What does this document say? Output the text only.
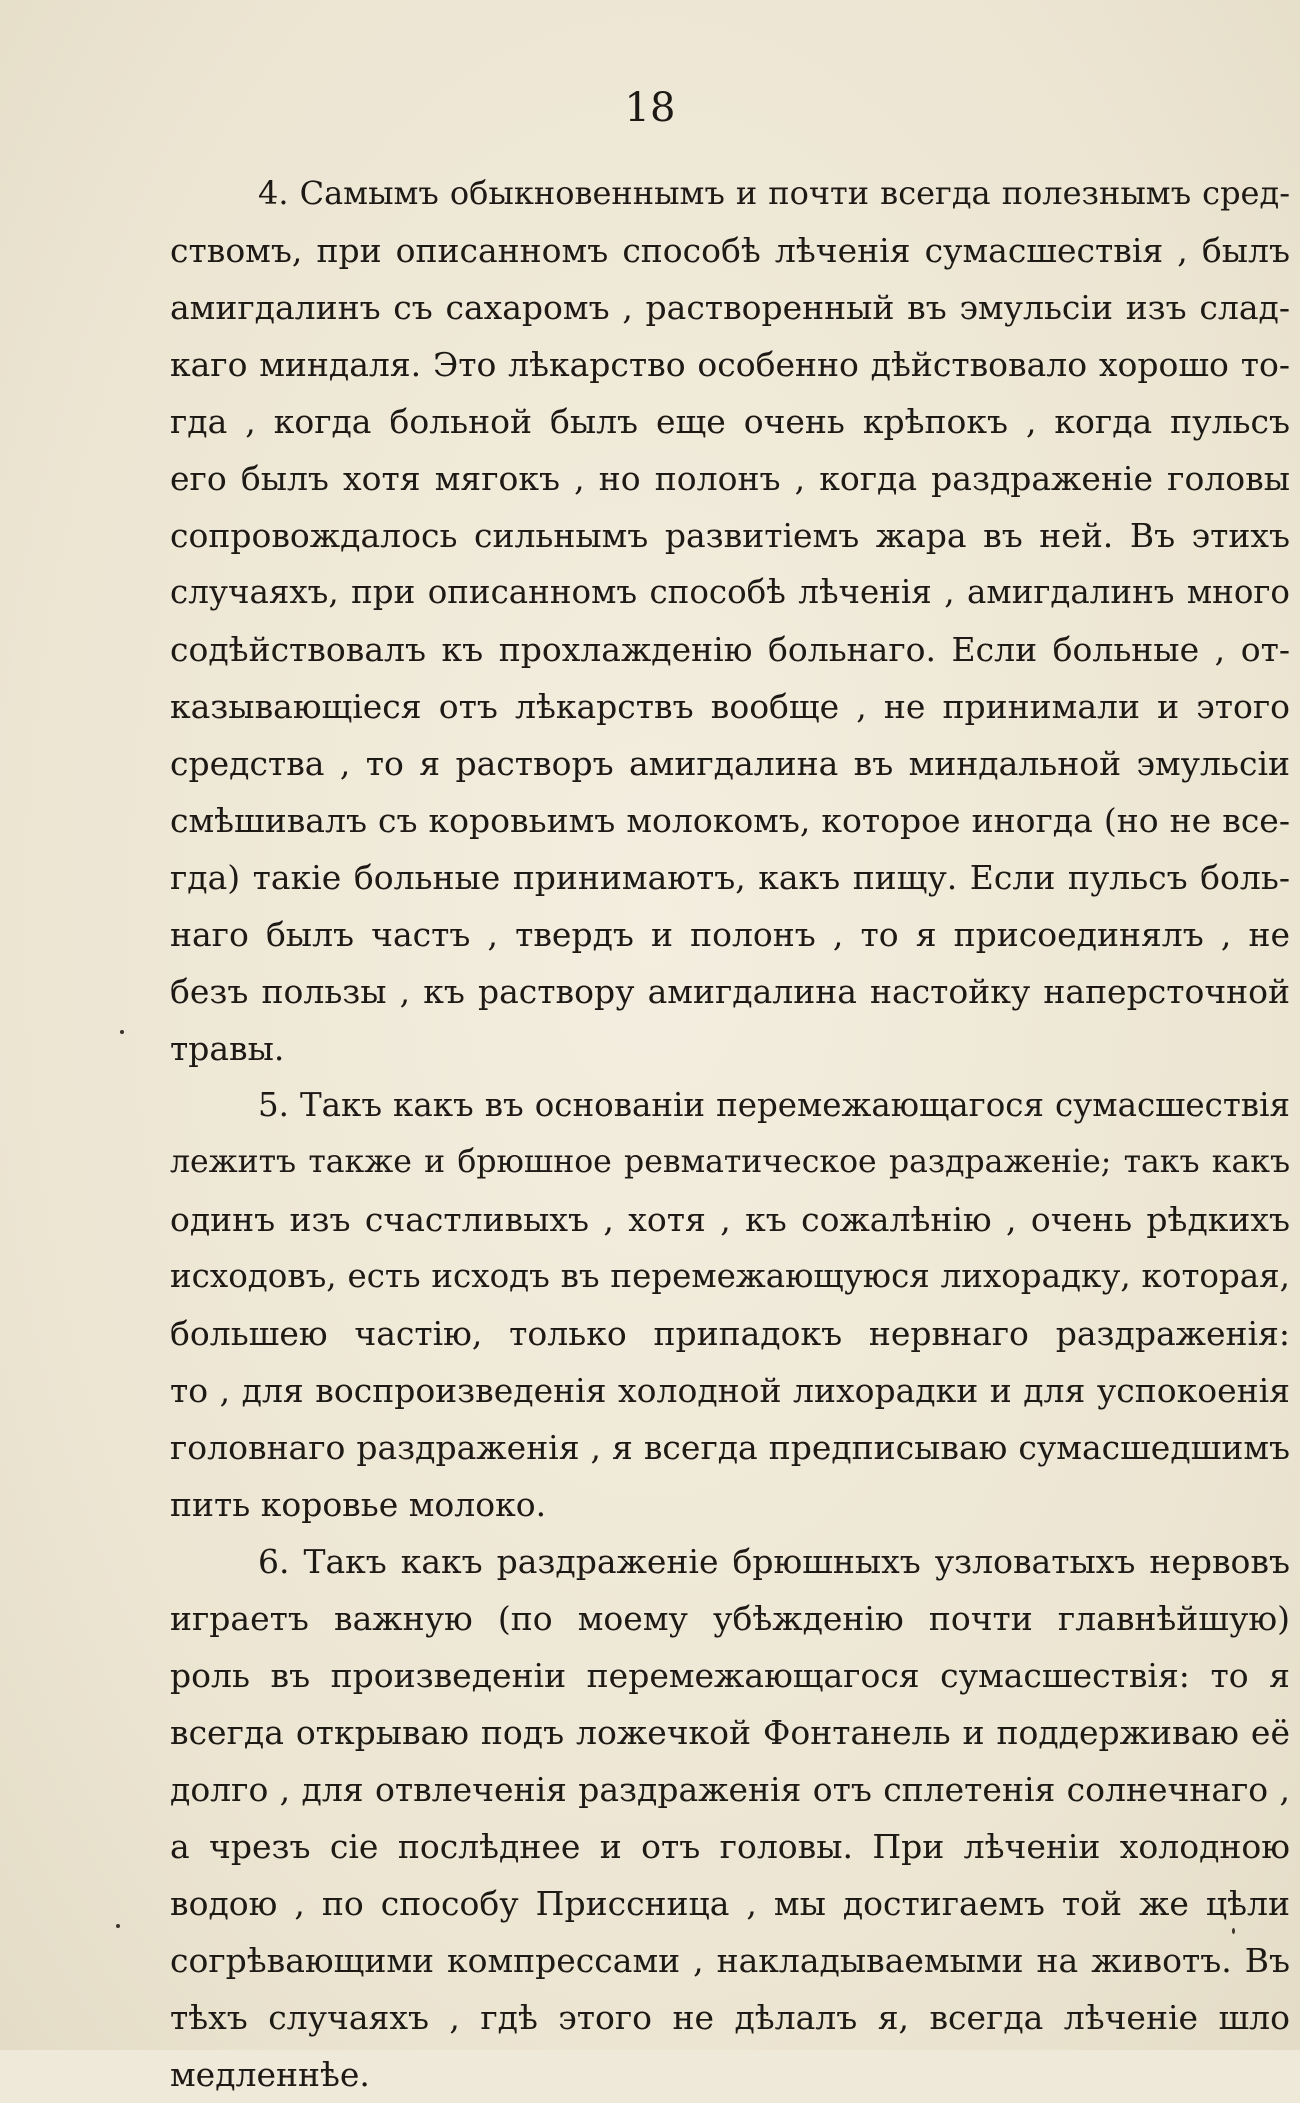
18
4. Самымъ обыкновеннымъ и почти всегда полезнымъ сред-
ствомъ, при описанномъ способѣ лѣченія сумасшествія , былъ
амигдалинъ съ сахаромъ , растворенный въ эмульсіи изъ слад-
каго миндаля. Это лѣкарство особенно дѣйствовало хорошо то-
гда , когда больной былъ еще очень крѣпокъ , когда пульсъ
его былъ хотя мягокъ , но полонъ , когда раздраженіе головы
сопровождалось сильнымъ развитіемъ жара въ ней. Въ этихъ
случаяхъ, при описанномъ способѣ лѣченія , амигдалинъ много
содѣйствовалъ къ прохлажденію больнаго. Если больные , от-
казывающіеся отъ лѣкарствъ вообще , не принимали и этого
средства , то я растворъ амигдалина въ миндальной эмульсіи
смѣшивалъ съ коровьимъ молокомъ, которое иногда (но не все-
гда) такіе больные принимаютъ, какъ пищу. Если пульсъ боль-
наго былъ частъ , твердъ и полонъ , то я присоединялъ , не
безъ пользы , къ раствору амигдалина настойку наперсточной
травы.
5. Такъ какъ въ основаніи перемежающагося сумасшествія
лежитъ также и брюшное ревматическое раздраженіе; такъ какъ
одинъ изъ счастливыхъ , хотя , къ сожалѣнію , очень рѣдкихъ
исходовъ, есть исходъ въ перемежающуюся лихорадку, которая,
большею частію, только припадокъ нервнаго раздраженія:
то , для воспроизведенія холодной лихорадки и для успокоенія
головнаго раздраженія , я всегда предписываю сумасшедшимъ
пить коровье молоко.
6. Такъ какъ раздраженіе брюшныхъ узловатыхъ нервовъ
играетъ важную (по моему убѣжденію почти главнѣйшую)
роль въ произведеніи перемежающагося сумасшествія: то я
всегда открываю подъ ложечкой Фонтанель и поддерживаю её
долго , для отвлеченія раздраженія отъ сплетенія солнечнаго ,
а чрезъ сіе послѣднее и отъ головы. При лѣченіи холодною
водою , по способу Приссница , мы достигаемъ той же цѣли
согрѣвающими компрессами , накладываемыми на животъ. Въ
тѣхъ случаяхъ , гдѣ этого не дѣлалъ я, всегда лѣченіе шло
медленнѣе.
